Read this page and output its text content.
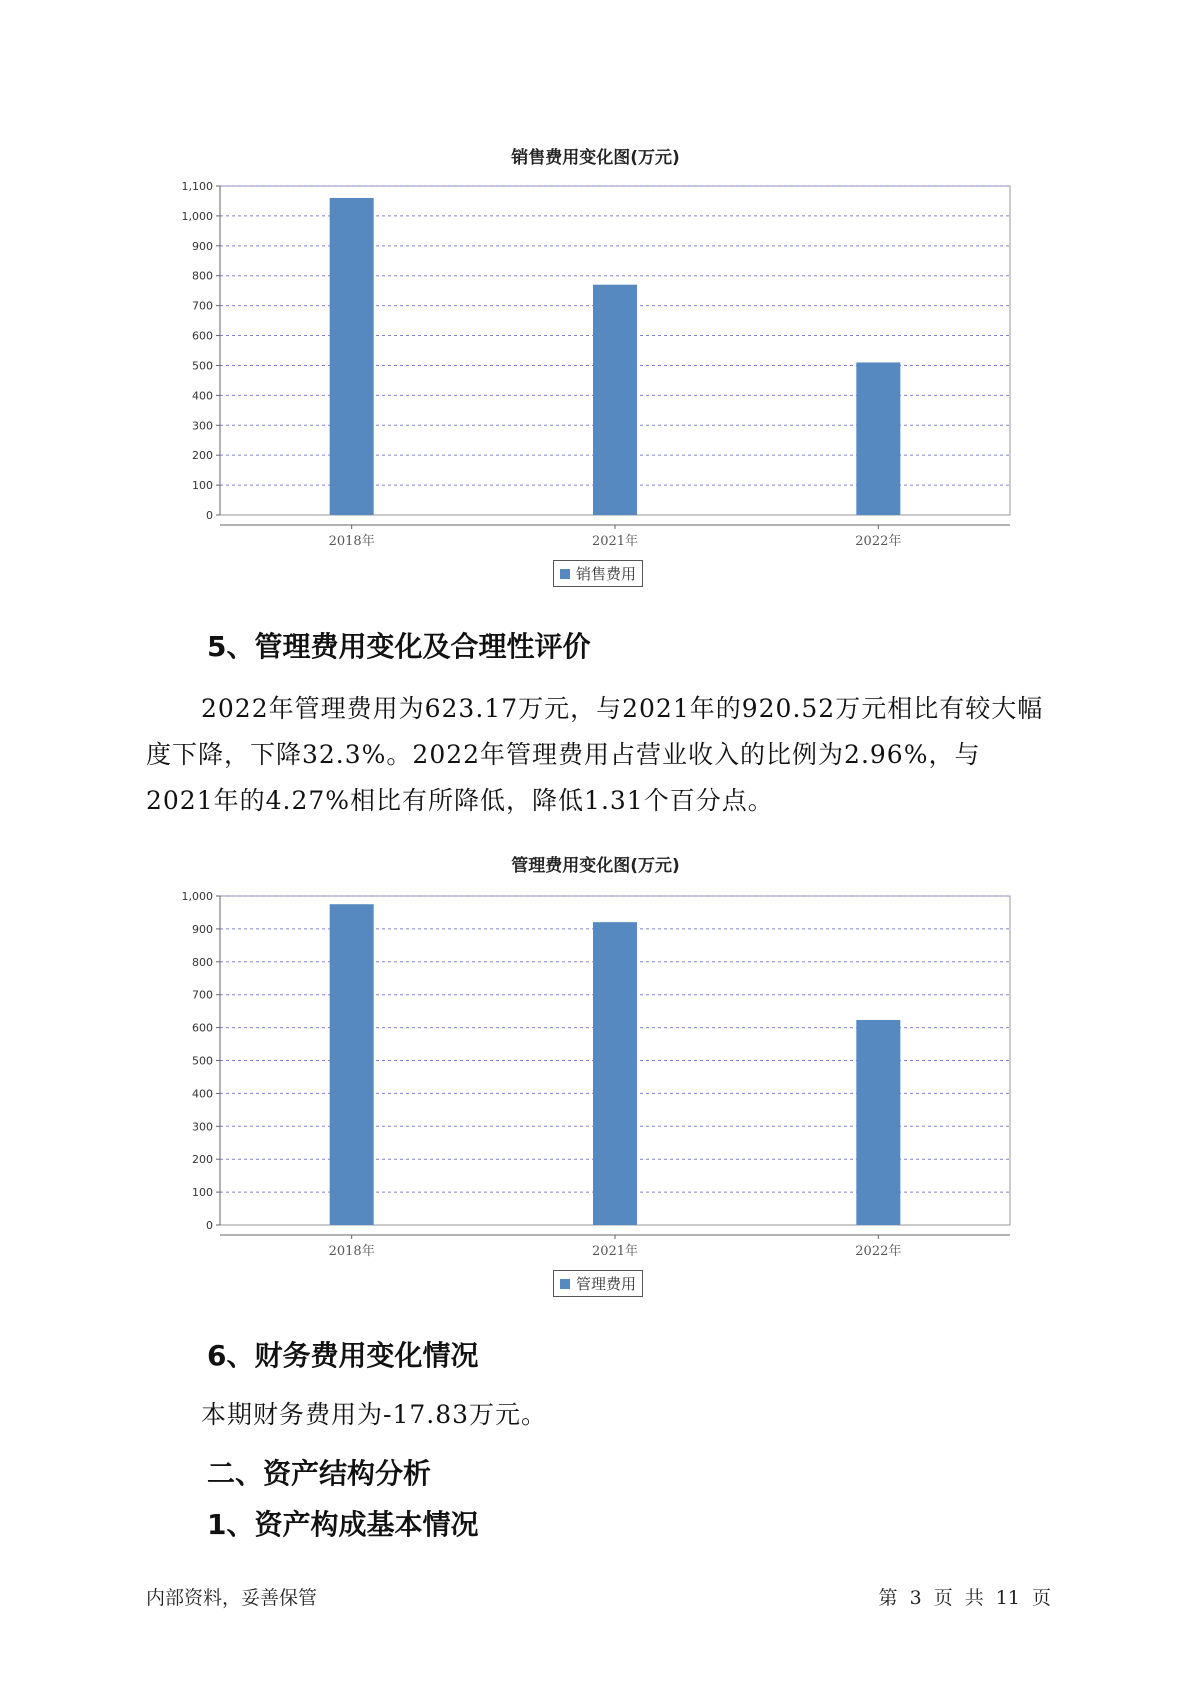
销售费用变化图(万元)
0
100
200
300
400
500
600
700
800
900
1,000
1,100
2018年	2021年	2022年
销售费用
5、管理费用变化及合理性评价
2022年管理费用为623.17万元，与2021年的920.52万元相比有较大幅度下降，下降32.3%。2022年管理费用占营业收入的比例为2.96%，与2021年的4.27%相比有所降低，降低1.31个百分点。
管理费用变化图(万元)
0
100
200
300
400
500
600
700
800
900
1,000
2018年	2021年	2022年
管理费用
6、财务费用变化情况
本期财务费用为-17.83万元。
二、资产结构分析
1、资产构成基本情况
内部资料，妥善保管	第 3 页 共 11 页
